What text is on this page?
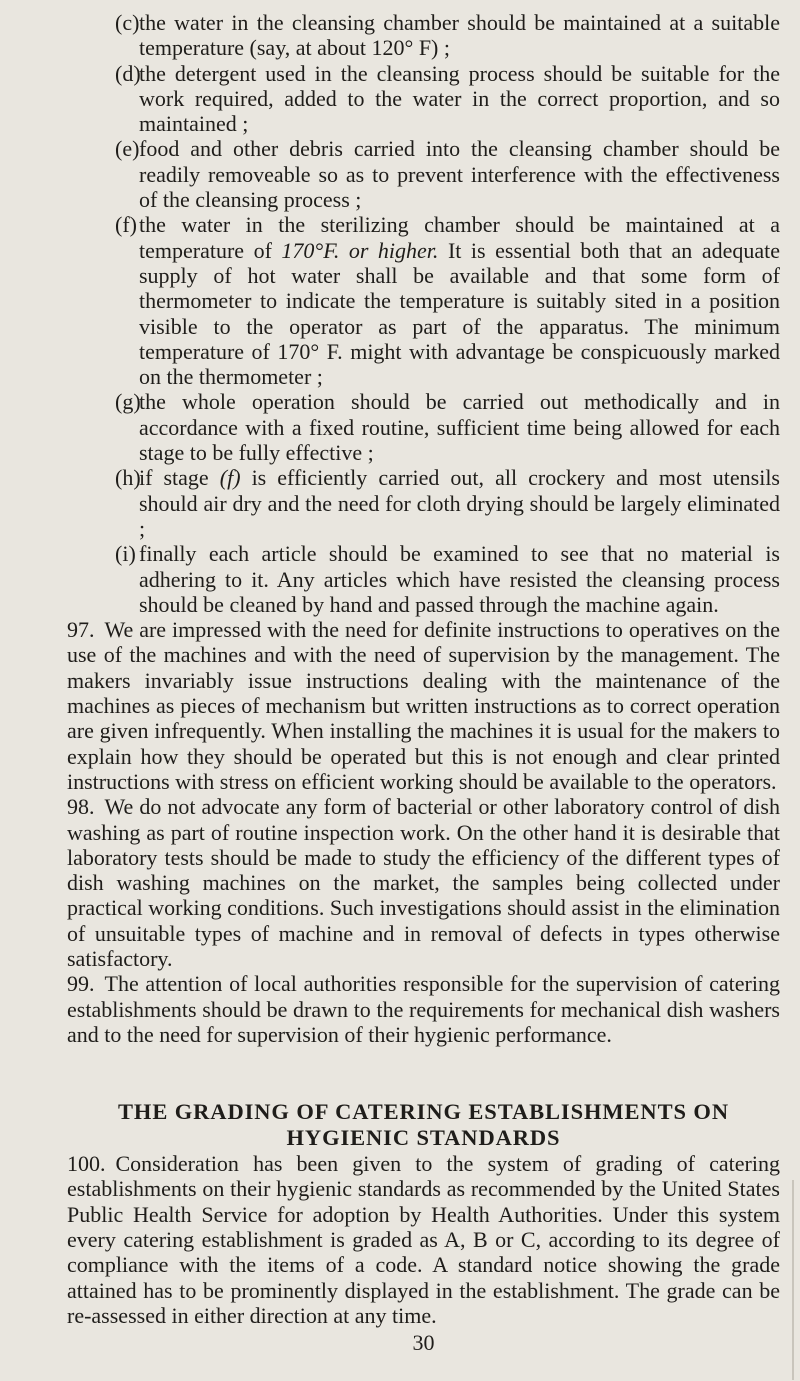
(c) the water in the cleansing chamber should be maintained at a suitable temperature (say, at about 120° F) ;
(d)
the detergent used in the cleansing process should be suitable for the work required, added to the water in the correct proportion, and so maintained ;
(e) food and other debris carried into the cleansing chamber should be readily removeable so as to prevent interference with the effectiveness of the cleansing process ;
(f) the water in the sterilizing chamber should be maintained at a temperature of 170°F. or higher. It is essential both that an adequate supply of hot water shall be available and that some form of thermometer to indicate the temperature is suitably sited in a position visible to the operator as part of the apparatus. The minimum temperature of 170° F. might with advantage be conspicuously marked on the thermometer ;
(g)
the whole operation should be carried out methodically and in accordance with a fixed routine, sufficient time being allowed for each stage to be fully effective ;
(h)
if stage (f) is efficiently carried out, all crockery and most utensils should air dry and the need for cloth drying should be largely eliminated ;
(i) finally each article should be examined to see that no material is adhering to it. Any articles which have resisted the cleansing process should be cleaned by hand and passed through the machine again.

97. We are impressed with the need for definite instructions to operatives on the use of the machines and with the need of supervision by the management. The makers invariably issue instructions dealing with the maintenance of the machines as pieces of mechanism but written instructions as to correct operation are given infrequently. When installing the machines it is usual for the makers to explain how they should be operated but this is not enough and clear printed instructions with stress on efficient working should be available to the operators.

98. We do not advocate any form of bacterial or other laboratory control of dish washing as part of routine inspection work. On the other hand it is desirable that laboratory tests should be made to study the efficiency of the different types of dish washing machines on the market, the samples being collected under practical working conditions. Such investigations should assist in the elimination of unsuitable types of machine and in removal of defects in types otherwise satisfactory.

99. The attention of local authorities responsible for the supervision of catering establishments should be drawn to the requirements for mechanical dish washers and to the need for supervision of their hygienic performance.

THE GRADING OF CATERING ESTABLISHMENTS ON HYGIENIC STANDARDS

100. Consideration has been given to the system of grading of catering establishments on their hygienic standards as recommended by the United States Public Health Service for adoption by Health Authorities. Under this system every catering establishment is graded as A, B or C, according to its degree of compliance with the items of a code. A standard notice showing the grade attained has to be prominently displayed in the establishment. The grade can be re-assessed in either direction at any time.

30
